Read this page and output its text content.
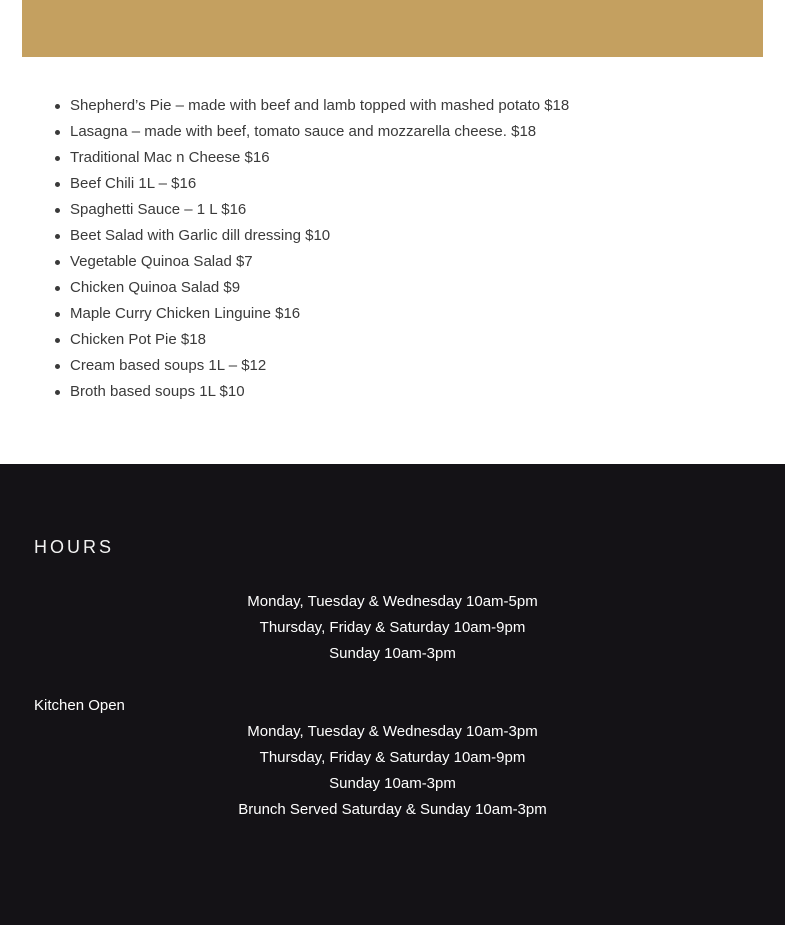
Shepherd’s Pie – made with beef and lamb topped with mashed potato $18
Lasagna – made with beef, tomato sauce and mozzarella cheese. $18
Traditional Mac n Cheese $16
Beef Chili 1L – $16
Spaghetti Sauce – 1 L $16
Beet Salad with Garlic dill dressing $10
Vegetable Quinoa Salad $7
Chicken Quinoa Salad $9
Maple Curry Chicken Linguine $16
Chicken Pot Pie $18
Cream based soups 1L – $12
Broth based soups 1L $10
HOURS
Monday, Tuesday & Wednesday 10am-5pm
Thursday, Friday & Saturday 10am-9pm
Sunday 10am-3pm
Kitchen Open
Monday, Tuesday & Wednesday 10am-3pm
Thursday, Friday & Saturday 10am-9pm
Sunday 10am-3pm
Brunch Served Saturday & Sunday 10am-3pm
